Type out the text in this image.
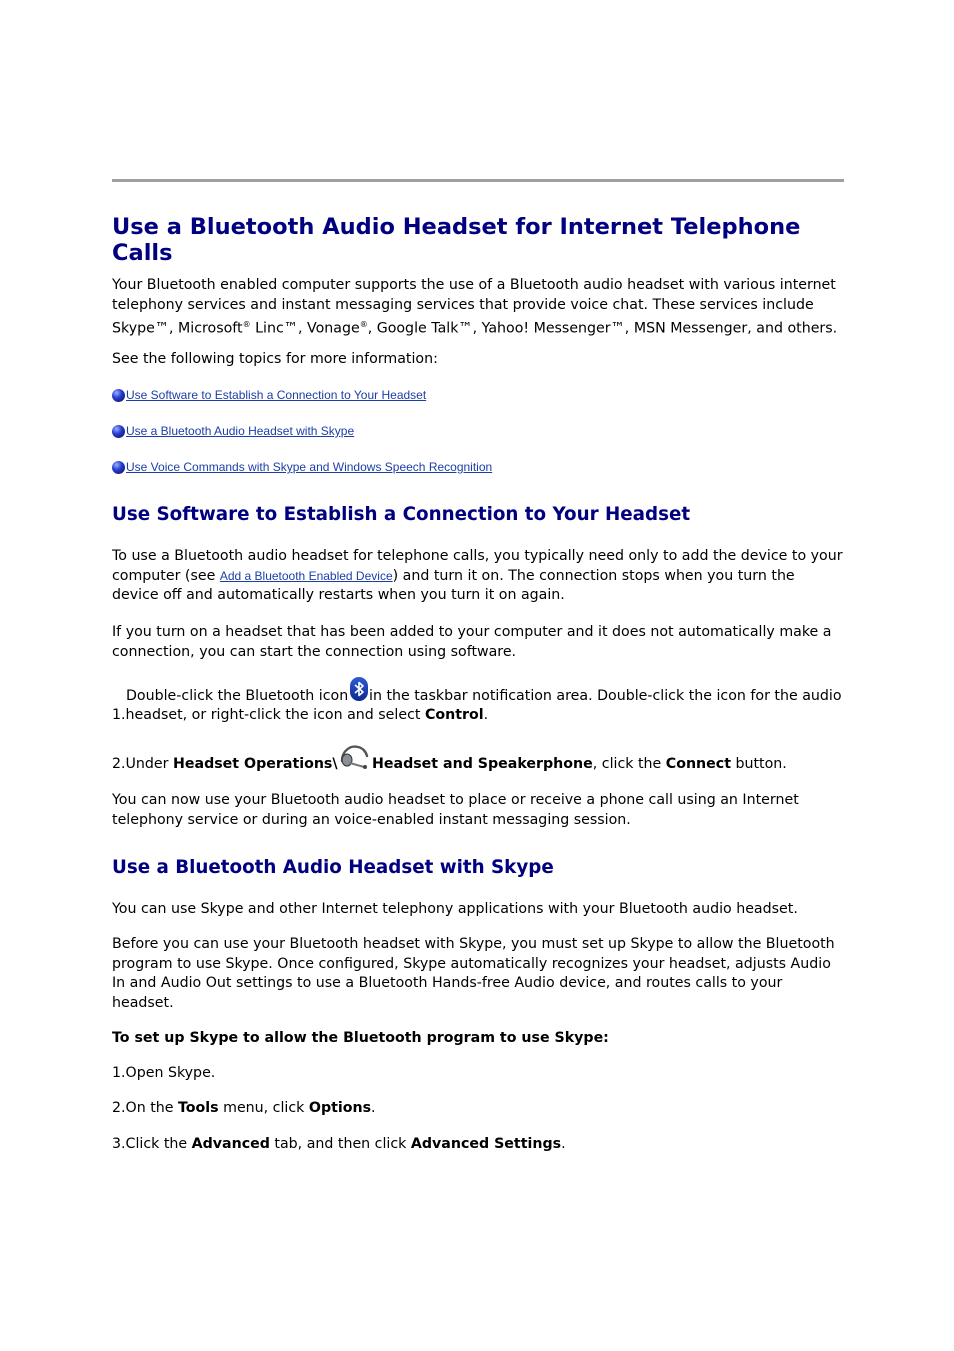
Use a Bluetooth Audio Headset for Internet Telephone Calls

Your Bluetooth enabled computer supports the use of a Bluetooth audio headset with various internet

telephony services and instant messaging services that provide voice chat. These services include

Skype™, Microsoft® Linc™, Vonage®, Google Talk™, Yahoo! Messenger™, MSN Messenger, and others.

See the following topics for more information:

Use Software to Establish a Connection to Your Headset
Use a Bluetooth Audio Headset with Skype
Use Voice Commands with Skype and Windows Speech Recognition
Use Software to Establish a Connection to Your Headset

To use a Bluetooth audio headset for telephone calls, you typically need only to add the device to your

computer (see Add a Bluetooth Enabled Device) and turn it on. The connection stops when you turn the

device off and automatically restarts when you turn it on again.

If you turn on a headset that has been added to your computer and it does not automatically make a

connection, you can start the connection using software.

Double-click the Bluetooth icon in the taskbar notification area. Double-click the icon for the audio
1.headset, or right-click the icon and select Control.
2.Under Headset Operations\ Headset and Speakerphone, click the Connect button.

You can now use your Bluetooth audio headset to place or receive a phone call using an Internet

telephony service or during an voice-enabled instant messaging session.

Use a Bluetooth Audio Headset with Skype

You can use Skype and other Internet telephony applications with your Bluetooth audio headset.

Before you can use your Bluetooth headset with Skype, you must set up Skype to allow the Bluetooth

program to use Skype. Once configured, Skype automatically recognizes your headset, adjusts Audio

In and Audio Out settings to use a Bluetooth Hands-free Audio device, and routes calls to your

headset.

To set up Skype to allow the Bluetooth program to use Skype:

1.Open Skype.
2.On the Tools menu, click Options.
3.Click the Advanced tab, and then click Advanced Settings.
